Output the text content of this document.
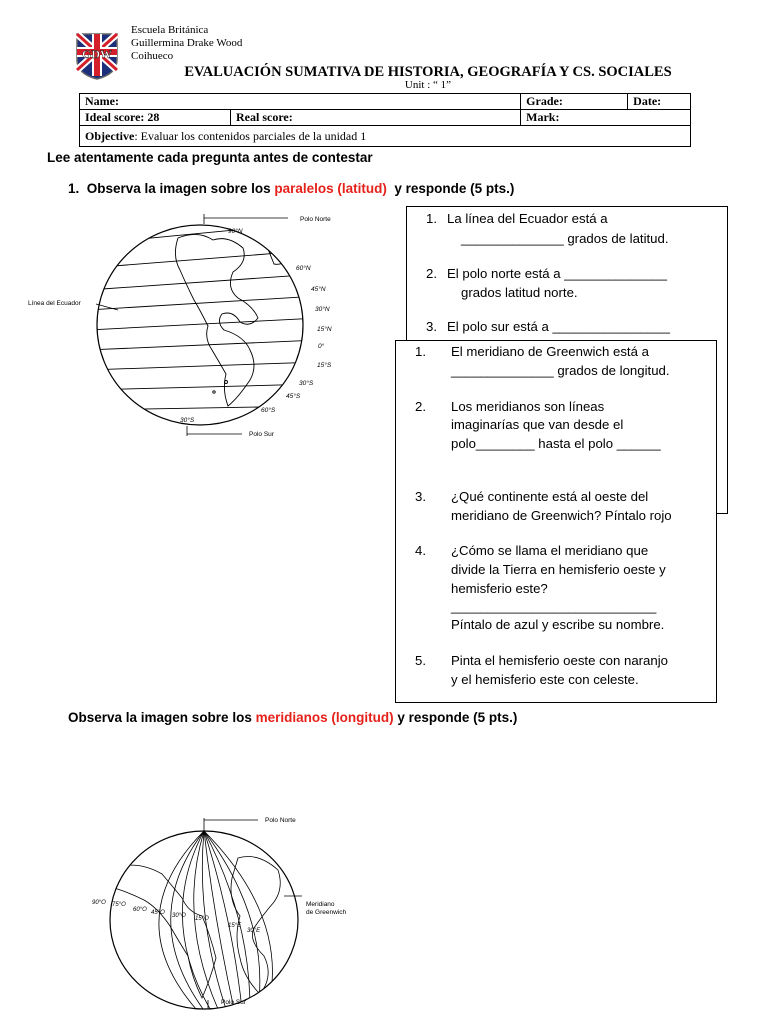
GDW
Escuela Británica
Guillermina Drake Wood
Coihueco
EVALUACIÓN SUMATIVA DE HISTORIA, GEOGRAFÍA Y CS. SOCIALES
Unit : “ 1”
Name:		Grade:	Date:
Ideal score: 28	Real score:	Mark:	
Objective: Evaluar los contenidos parciales de la unidad 1			
Lee atentamente cada pregunta antes de contestar
1.  Observa la imagen sobre los paralelos (latitud)  y responde (5 pts.)
Polo Norte
Línea del Ecuador
90°N
60°N
45°N
30°N
15°N
0°
15°S
30°S
45°S
60°S
30°S
Polo Sur
1. La línea del Ecuador está a
______________ grados de latitud.
2. El polo norte está a ______________
grados latitud norte.
3. El polo sur está a ________________
1. El meridiano de Greenwich está a
______________ grados de longitud.
2. Los meridianos son líneas
imaginarías que van desde el
polo________ hasta el polo ______
3. ¿Qué continente está al oeste del
meridiano de Greenwich? Píntalo rojo
4. ¿Cómo se llama el meridiano que
divide la Tierra en hemisferio oeste y
hemisferio este?
____________________________
Píntalo de azul y escribe su nombre.
5. Pinta el hemisferio oeste con naranjo
y el hemisferio este con celeste.
Observa la imagen sobre los meridianos (longitud) y responde (5 pts.)
Polo Norte
90°O 75°O
60°O 45°O 30°O 15°O
15°E
30°E
Meridiano
de Greenwich
Polo Sur
